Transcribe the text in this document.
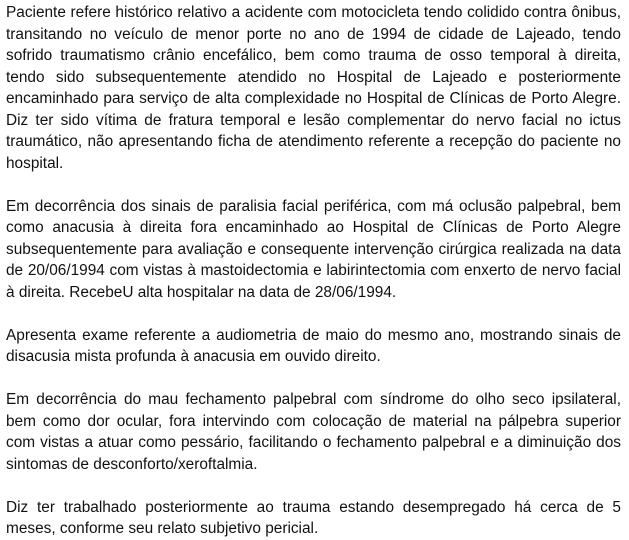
Paciente refere histórico relativo a acidente com motocicleta tendo colidido contra ônibus, transitando no veículo de menor porte no ano de 1994 de cidade de Lajeado, tendo sofrido traumatismo crânio encefálico, bem como trauma de osso temporal à direita, tendo sido subsequentemente atendido no Hospital de Lajeado e posteriormente encaminhado para serviço de alta complexidade no Hospital de Clínicas de Porto Alegre. Diz ter sido vítima de fratura temporal e lesão complementar do nervo facial no ictus traumático, não apresentando ficha de atendimento referente a recepção do paciente no hospital.

Em decorrência dos sinais de paralisia facial periférica, com má oclusão palpebral, bem como anacusia à direita fora encaminhado ao Hospital de Clínicas de Porto Alegre subsequentemente para avaliação e consequente intervenção cirúrgica realizada na data de 20/06/1994 com vistas à mastoidectomia e labirintectomia com enxerto de nervo facial à direita. RecebeU alta hospitalar na data de 28/06/1994.

Apresenta exame referente a audiometria de maio do mesmo ano, mostrando sinais de disacusia mista profunda à anacusia em ouvido direito.

Em decorrência do mau fechamento palpebral com síndrome do olho seco ipsilateral, bem como dor ocular, fora intervindo com colocação de material na pálpebra superior com vistas a atuar como pessário, facilitando o fechamento palpebral e a diminuição dos sintomas de desconforto/xeroftalmia.

Diz ter trabalhado posteriormente ao trauma estando desempregado há cerca de 5 meses, conforme seu relato subjetivo pericial.
